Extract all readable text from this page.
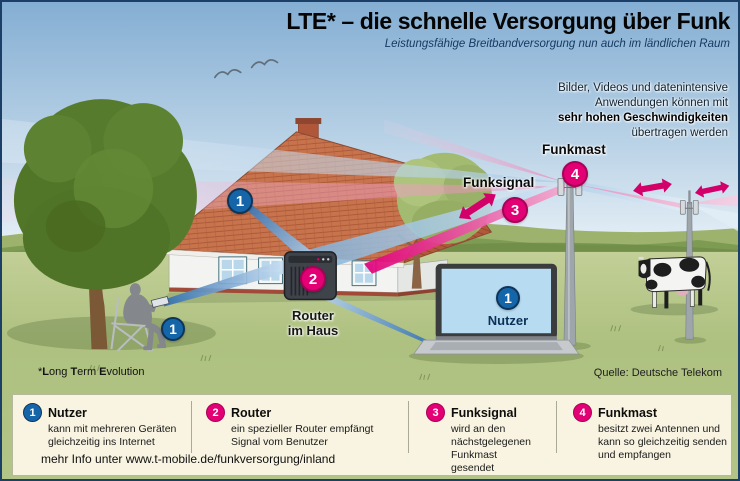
LTE* – die schnelle Versorgung über Funk
Leistungsfähige Breitbandversorgung nun auch im ländlichen Raum
Bilder, Videos und datenintensive
Anwendungen können mit
sehr hohen Geschwindigkeiten
übertragen werden
Funkmast
Funksignal
Router
im Haus
Nutzer
1
1
1
2
3
4
*Long Term Evolution	Quelle: Deutsche Telekom
1 Nutzer
kann mit mehreren Geräten gleichzeitig ins Internet
2 Router
ein spezieller Router empfängt Signal vom Benutzer
3 Funksignal
wird an den nächstgelegenen Funkmast gesendet
4 Funkmast
besitzt zwei Antennen und kann so gleichzeitig senden und empfangen
mehr Info unter www.t-mobile.de/funkversorgung/inland
